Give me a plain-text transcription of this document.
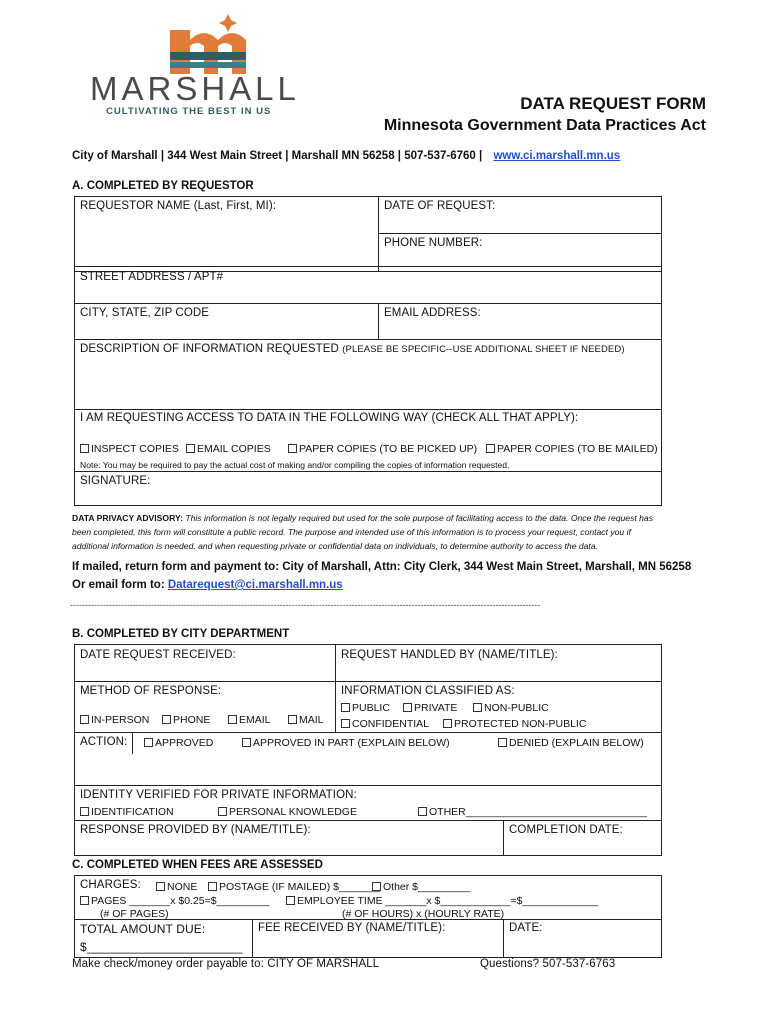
MARSHALL
CULTIVATING THE BEST IN US	DATA REQUEST FORM
Minnesota Government Data Practices Act
City of Marshall | 344 West Main Street | Marshall MN 56258 | 507-537-6760 | www.ci.marshall.mn.us
A. COMPLETED BY REQUESTOR
REQUESTOR NAME (Last, First, MI):	DATE OF REQUEST:
PHONE NUMBER:
STREET ADDRESS / APT#
CITY, STATE, ZIP CODE	EMAIL ADDRESS:
DESCRIPTION OF INFORMATION REQUESTED (PLEASE BE SPECIFIC--USE ADDITIONAL SHEET IF NEEDED)
I AM REQUESTING ACCESS TO DATA IN THE FOLLOWING WAY (CHECK ALL THAT APPLY):
INSPECT COPIES	EMAIL COPIES	PAPER COPIES (TO BE PICKED UP)	PAPER COPIES (TO BE MAILED)
Note: You may be required to pay the actual cost of making and/or compiling the copies of information requested.
SIGNATURE:
DATA PRIVACY ADVISORY: This information is not legally required but used for the sole purpose of facilitating access to the data. Once the request has
been completed, this form will constitute a public record. The purpose and intended use of this information is to process your request, contact you if
additional information is needed, and when requesting private or confidential data on individuals, to determine authority to access the data.
If mailed, return form and payment to: City of Marshall, Attn: City Clerk, 344 West Main Street, Marshall, MN 56258
Or email form to: Datarequest@ci.marshall.mn.us
-------------------------------------------------------------------------------------------------------------------------------------------------------------
B. COMPLETED BY CITY DEPARTMENT
DATE REQUEST RECEIVED:	REQUEST HANDLED BY (NAME/TITLE):
METHOD OF RESPONSE:
IN-PERSON	PHONE	EMAIL	MAIL
INFORMATION CLASSIFIED AS:
PUBLIC	PRIVATE	NON-PUBLIC
CONFIDENTIAL	PROTECTED NON-PUBLIC
ACTION:	APPROVED	APPROVED IN PART (EXPLAIN BELOW)	DENIED (EXPLAIN BELOW)
IDENTITY VERIFIED FOR PRIVATE INFORMATION:
IDENTIFICATION	PERSONAL KNOWLEDGE	OTHER_______________________________
RESPONSE PROVIDED BY (NAME/TITLE):	COMPLETION DATE:
C. COMPLETED WHEN FEES ARE ASSESSED
CHARGES:	NONE	POSTAGE (IF MAILED) $_______ Other $_________
PAGES _______x $0.25=$_________
(# OF PAGES)
EMPLOYEE TIME _______x $____________=$_____________
(# OF HOURS) x (HOURLY RATE)
TOTAL AMOUNT DUE:
$_______________________
FEE RECEIVED BY (NAME/TITLE):	DATE:
Make check/money order payable to: CITY OF MARSHALL	Questions? 507-537-6763
